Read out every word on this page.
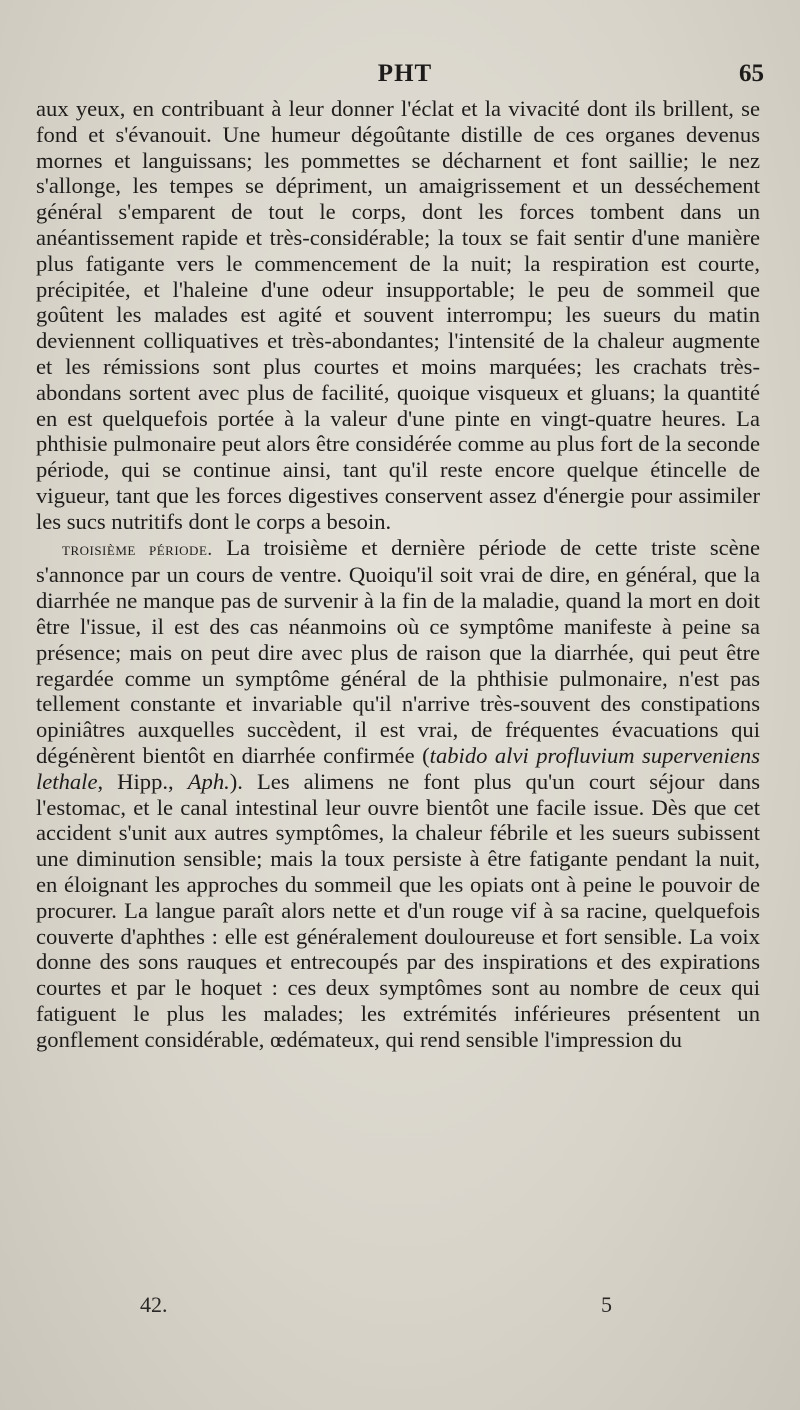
PHT	65

aux yeux, en contribuant à leur donner l'éclat et la vivacité dont ils brillent, se fond et s'évanouit. Une humeur dégoûtante distille de ces organes devenus mornes et languissans; les pommettes se décharnent et font saillie; le nez s'allonge, les tempes se dépriment, un amaigrissement et un desséchement général s'emparent de tout le corps, dont les forces tombent dans un anéantissement rapide et très-considérable; la toux se fait sentir d'une manière plus fatigante vers le commencement de la nuit; la respiration est courte, précipitée, et l'haleine d'une odeur insupportable; le peu de sommeil que goûtent les malades est agité et souvent interrompu; les sueurs du matin deviennent colliquatives et très-abondantes; l'intensité de la chaleur augmente et les rémissions sont plus courtes et moins marquées; les crachats très-abondans sortent avec plus de facilité, quoique visqueux et gluans; la quantité en est quelquefois portée à la valeur d'une pinte en vingt-quatre heures. La phthisie pulmonaire peut alors être considérée comme au plus fort de la seconde période, qui se continue ainsi, tant qu'il reste encore quelque étincelle de vigueur, tant que les forces digestives conservent assez d'énergie pour assimiler les sucs nutritifs dont le corps a besoin.

troisième période. La troisième et dernière période de cette triste scène s'annonce par un cours de ventre. Quoiqu'il soit vrai de dire, en général, que la diarrhée ne manque pas de survenir à la fin de la maladie, quand la mort en doit être l'issue, il est des cas néanmoins où ce symptôme manifeste à peine sa présence; mais on peut dire avec plus de raison que la diarrhée, qui peut être regardée comme un symptôme général de la phthisie pulmonaire, n'est pas tellement constante et invariable qu'il n'arrive très-souvent des constipations opiniâtres auxquelles succèdent, il est vrai, de fréquentes évacuations qui dégénèrent bientôt en diarrhée confirmée (tabido alvi profluvium superveniens lethale, Hipp., Aph.). Les alimens ne font plus qu'un court séjour dans l'estomac, et le canal intestinal leur ouvre bientôt une facile issue. Dès que cet accident s'unit aux autres symptômes, la chaleur fébrile et les sueurs subissent une diminution sensible; mais la toux persiste à être fatigante pendant la nuit, en éloignant les approches du sommeil que les opiats ont à peine le pouvoir de procurer. La langue paraît alors nette et d'un rouge vif à sa racine, quelquefois couverte d'aphthes : elle est généralement douloureuse et fort sensible. La voix donne des sons rauques et entrecoupés par des inspirations et des expirations courtes et par le hoquet : ces deux symptômes sont au nombre de ceux qui fatiguent le plus les malades; les extrémités inférieures présentent un gonflement considérable, œdémateux, qui rend sensible l'impression du

42.	5
